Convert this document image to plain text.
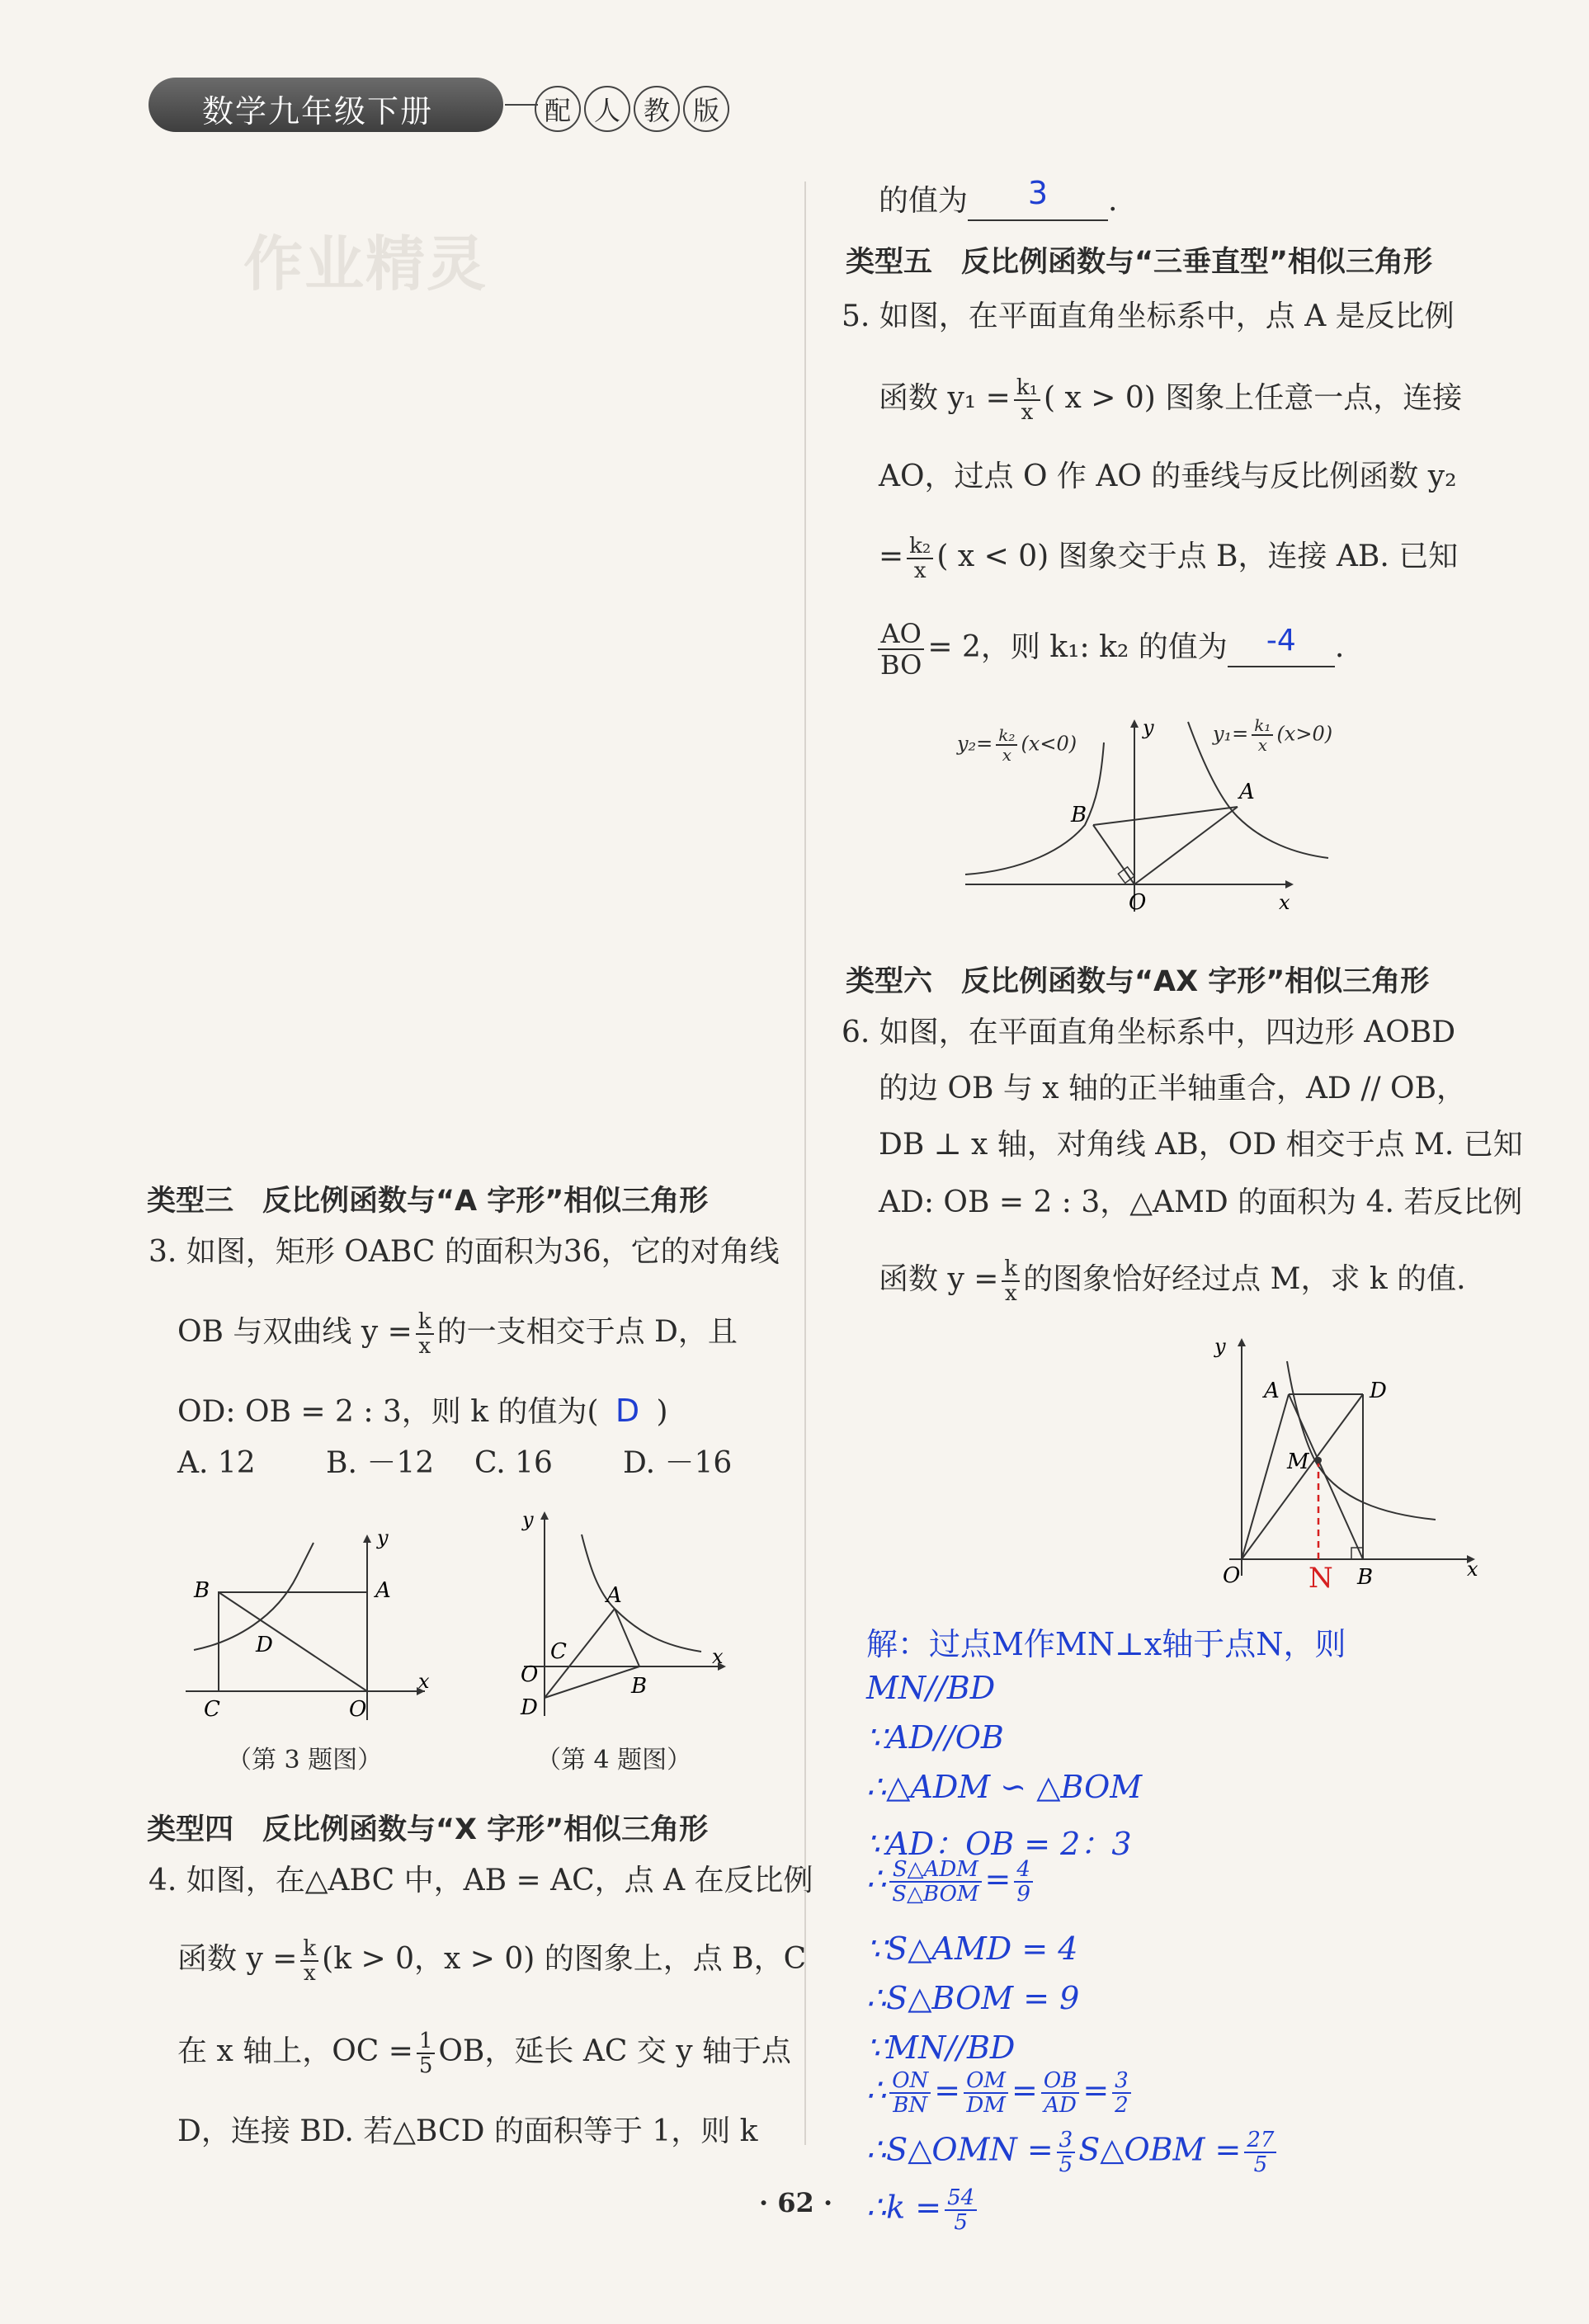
数学九年级下册	配 人 教 版
作业精灵
类型三　反比例函数与“A 字形”相似三角形
3. 如图，矩形 OABC 的面积为36，它的对角线
OB 与双曲线 $y = \frac{k}{x}$ 的一支相交于点 D，且
OD: OB = 2 : 3，则 k 的值为( D )
A. 12	B. －12	C. 16	D. －16
B	A
D
C	O
x
y
（第 3 题图）
y
A
C
O
D
B
x
（第 4 题图）
类型四　反比例函数与“X 字形”相似三角形
4. 如图，在△ABC 中，AB = AC，点 A 在反比例
函数 $y = \frac{k}{x} (k > 0$，x > 0) 的图象上，点 B，C
在 x 轴上，OC = $\frac{1}{5}$ OB，延长 AC 交 y 轴于点
D，连接 BD. 若△BCD 的面积等于 1，则 k
· 62 ·
的值为 3 .
类型五　反比例函数与“三垂直型”相似三角形
5. 如图，在平面直角坐标系中，点 A 是反比例
函数 $y_1 = \frac{\text{k₁}}{x}$ ( x > 0) 图象上任意一点，连接
AO，过点 O 作 AO 的垂线与反比例函数 y₂
= $\frac{\text{k₂}}{x}$ ( x < 0) 图象交于点 B，连接 AB. 已知
$\frac{AO}{BO} = 2$，则 k₁: k₂ 的值为 -4 .
y
A
B
O	x
$y_2= \frac{\text{k₂}}{x} (x<0)$	$y_1= \frac{\text{k₁}}{x} (x>0)$
类型六　反比例函数与“AX 字形”相似三角形
6. 如图，在平面直角坐标系中，四边形 AOBD
的边 OB 与 x 轴的正半轴重合，AD // OB，
DB ⊥ x 轴，对角线 AB，OD 相交于点 M. 已知
AD: OB = 2 : 3，△AMD 的面积为 4. 若反比例
函数 $y = \frac{k}{x}$ 的图象恰好经过点 M，求 k 的值.
y
A	D
M
O N B	x
解：过点M作MN⊥x轴于点N，则
MN//BD
∵AD//OB
∴△ADM ∽ △BOM
∵AD：OB = 2：3
∴ $\frac{\text{S△ADM}}{\text{S△BOM}} = \frac{4}{9}$
∵S△AMD = 4
∴S△BOM = 9
∵MN//BD
∴ $\frac{ON}{BN} = \frac{OM}{DM} = \frac{OB}{AD} = \frac{3}{2}$
∴S△OMN = $\frac{3}{5}$ S△OBM = $\frac{27}{5}$
∴k = $\frac{54}{5}$
